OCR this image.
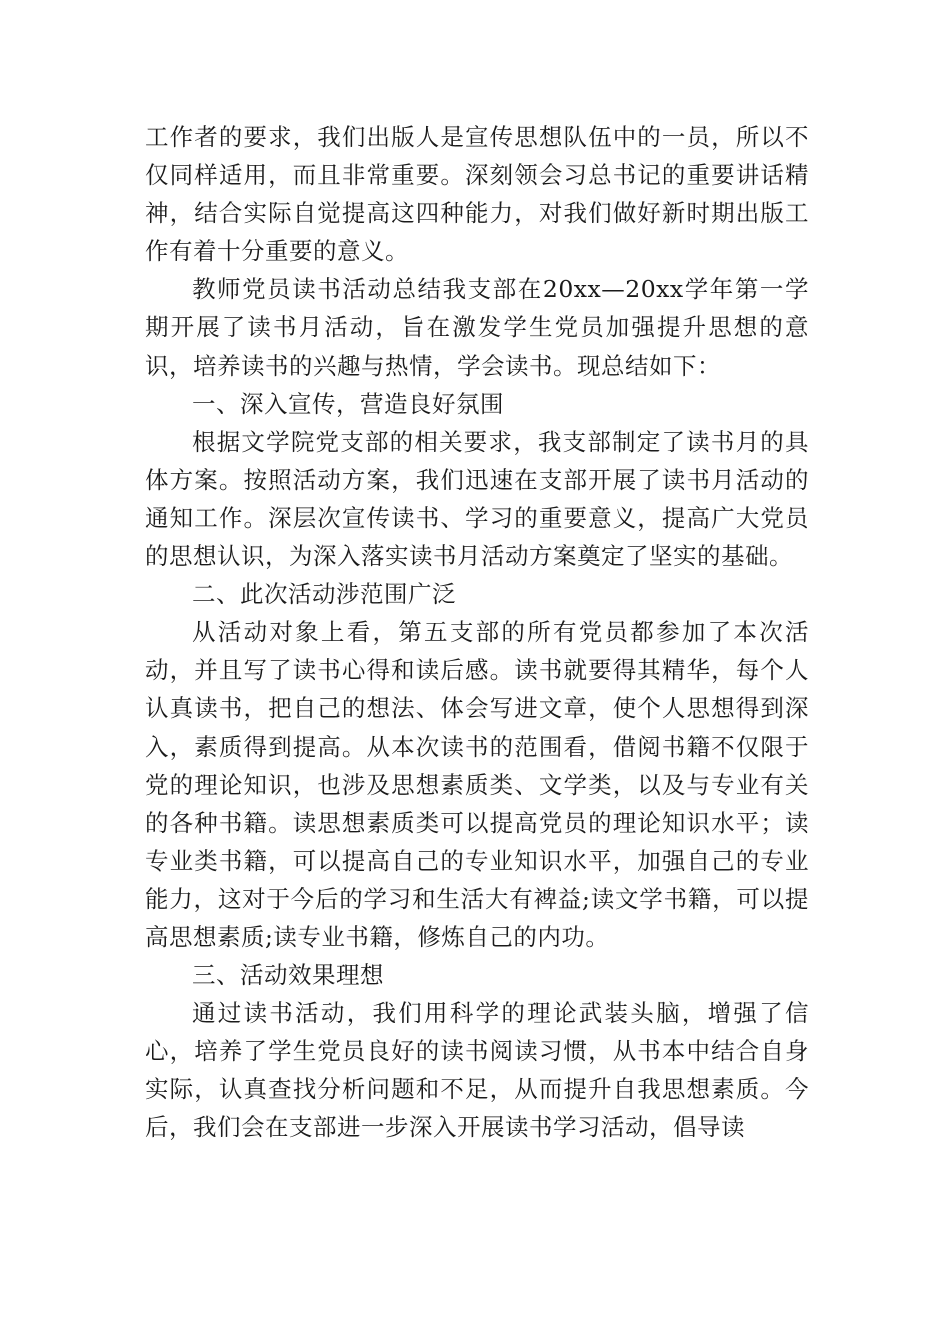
工作者的要求，我们出版人是宣传思想队伍中的一员，所以不仅同样适用，而且非常重要。深刻领会习总书记的重要讲话精神，结合实际自觉提高这四种能力，对我们做好新时期出版工作有着十分重要的意义。

教师党员读书活动总结我支部在20xx—20xx学年第一学期开展了读书月活动，旨在激发学生党员加强提升思想的意识，培养读书的兴趣与热情，学会读书。现总结如下：

一、深入宣传，营造良好氛围

根据文学院党支部的相关要求，我支部制定了读书月的具体方案。按照活动方案，我们迅速在支部开展了读书月活动的通知工作。深层次宣传读书、学习的重要意义，提高广大党员的思想认识，为深入落实读书月活动方案奠定了坚实的基础。

二、此次活动涉范围广泛

从活动对象上看，第五支部的所有党员都参加了本次活动，并且写了读书心得和读后感。读书就要得其精华，每个人认真读书，把自己的想法、体会写进文章，使个人思想得到深入，素质得到提高。从本次读书的范围看，借阅书籍不仅限于党的理论知识，也涉及思想素质类、文学类，以及与专业有关的各种书籍。读思想素质类可以提高党员的理论知识水平；读专业类书籍，可以提高自己的专业知识水平，加强自己的专业能力，这对于今后的学习和生活大有裨益;读文学书籍，可以提高思想素质;读专业书籍，修炼自己的内功。

三、活动效果理想

通过读书活动，我们用科学的理论武装头脑，增强了信心，培养了学生党员良好的读书阅读习惯，从书本中结合自身实际，认真查找分析问题和不足，从而提升自我思想素质。今后，我们会在支部进一步深入开展读书学习活动，倡导读
